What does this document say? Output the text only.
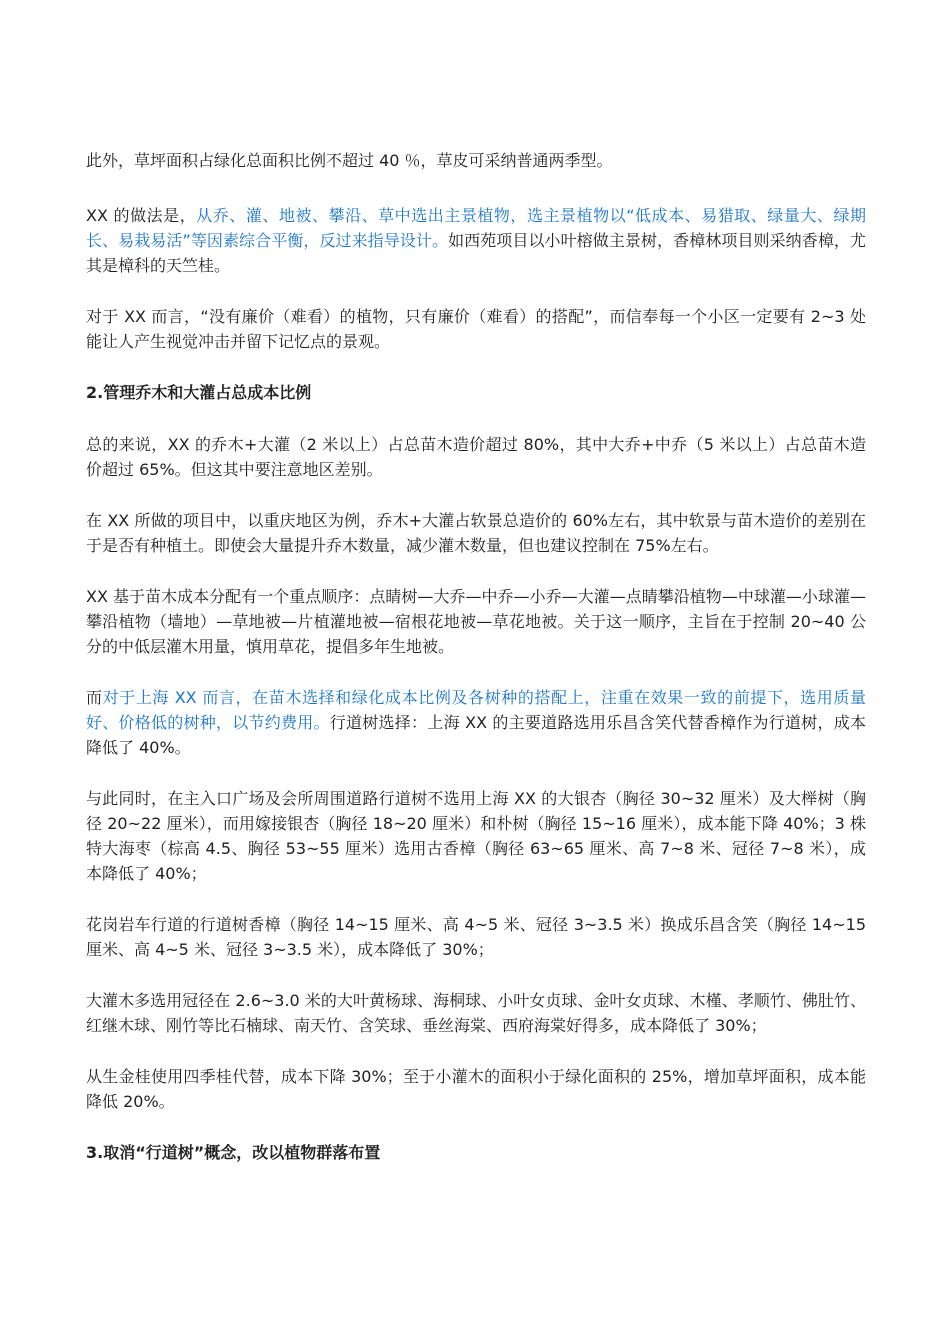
此外，草坪面积占绿化总面积比例不超过 40 ％，草皮可采纳普通两季型。

XX 的做法是，从乔、灌、地被、攀沿、草中选出主景植物，选主景植物以“低成本、易猎取、绿量大、绿期长、易栽易活”等因素综合平衡，反过来指导设计。如西苑项目以小叶榕做主景树，香樟林项目则采纳香樟，尤其是樟科的天竺桂。

对于 XX 而言，“没有廉价（难看）的植物，只有廉价（难看）的搭配”，而信奉每一个小区一定要有 2~3 处能让人产生视觉冲击并留下记忆点的景观。

2.管理乔木和大灌占总成本比例

总的来说，XX 的乔木+大灌（2 米以上）占总苗木造价超过 80%，其中大乔+中乔（5 米以上）占总苗木造价超过 65%。但这其中要注意地区差别。

在 XX 所做的项目中，以重庆地区为例，乔木+大灌占软景总造价的 60%左右，其中软景与苗木造价的差别在于是否有种植土。即使会大量提升乔木数量，减少灌木数量，但也建议控制在 75%左右。

XX 基于苗木成本分配有一个重点顺序：点睛树—大乔—中乔—小乔—大灌—点睛攀沿植物—中球灌—小球灌—攀沿植物（墙地）—草地被—片植灌地被—宿根花地被—草花地被。关于这一顺序，主旨在于控制 20~40 公分的中低层灌木用量，慎用草花，提倡多年生地被。

而对于上海 XX 而言，在苗木选择和绿化成本比例及各树种的搭配上，注重在效果一致的前提下，选用质量好、价格低的树种，以节约费用。行道树选择：上海 XX 的主要道路选用乐昌含笑代替香樟作为行道树，成本降低了 40%。

与此同时，在主入口广场及会所周围道路行道树不选用上海 XX 的大银杏（胸径 30~32 厘米）及大榉树（胸径 20~22 厘米），而用嫁接银杏（胸径 18~20 厘米）和朴树（胸径 15~16 厘米），成本能下降 40%；3 株特大海枣（棕高 4.5、胸径 53~55 厘米）选用古香樟（胸径 63~65 厘米、高 7~8 米、冠径 7~8 米），成本降低了 40%；

花岗岩车行道的行道树香樟（胸径 14~15 厘米、高 4~5 米、冠径 3~3.5 米）换成乐昌含笑（胸径 14~15 厘米、高 4~5 米、冠径 3~3.5 米），成本降低了 30%；

大灌木多选用冠径在 2.6~3.0 米的大叶黄杨球、海桐球、小叶女贞球、金叶女贞球、木槿、孝顺竹、佛肚竹、红继木球、刚竹等比石楠球、南天竹、含笑球、垂丝海棠、西府海棠好得多，成本降低了 30%；

从生金桂使用四季桂代替，成本下降 30%；至于小灌木的面积小于绿化面积的 25%，增加草坪面积，成本能降低 20%。

3.取消“行道树”概念，改以植物群落布置
